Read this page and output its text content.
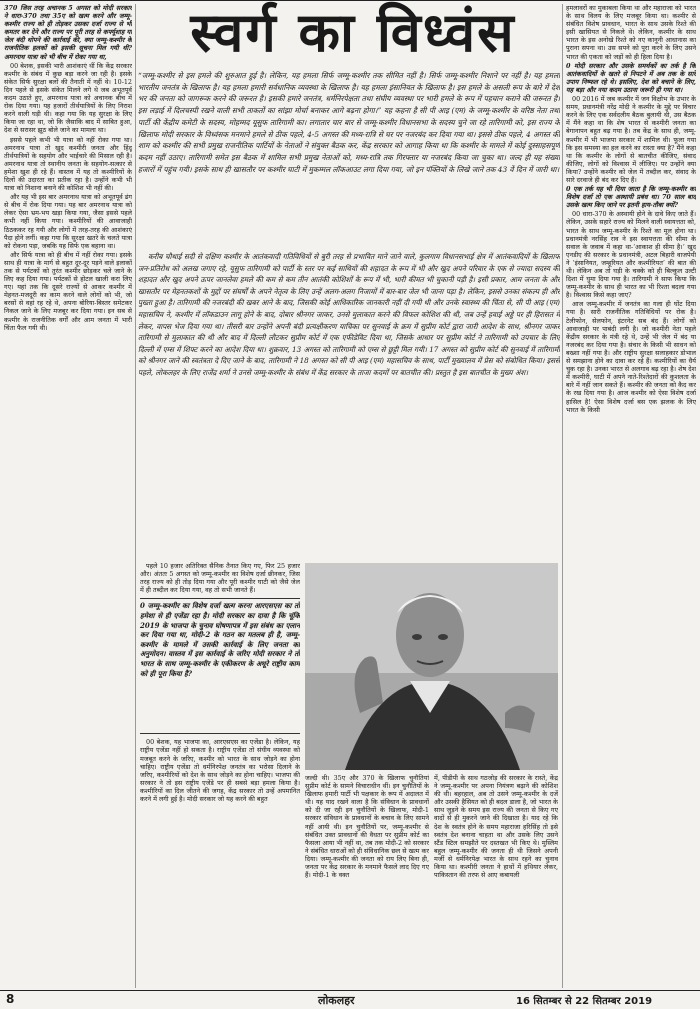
370 जिस तरह अचानक 5 अगस्त को मोदी सरकार ने धारा-370 तथा 35ए को खत्म करने और जम्मू-कश्मीर राज्य को ही तोड़कर उसका दर्जा राज्य से भी कमतर कर देने और राज्य पर पूरी तरह से कर्फ्यूशाह या जेल बंदी थोपने की कार्रवाई की, क्या जम्मू-कश्मीर के राजनीतिक हलकों को इसकी सूचना मिल गयी थी? अमरनाथ यात्रा को भी बीच में रोका गया था,

00 बेशक, इसकी भारी आशंकाएं थीं कि केंद्र सरकार कश्मीर के संबंध में कुछ बड़ा करने जा रही है। इसके संकेत सिर्फ सुरक्षा बलों की तैनाती में नहीं थे। 10-12 दिन पहले से इसके संकेत मिलने लगे थे जब अभूतपूर्व कदम उठाते हुए, अमरनाथ यात्रा को अचानक बीच में रोक दिया गया। यह हजारों तीर्थयात्रियों के लिए निराश करने वाली घड़ी थी। कहा गया कि यह सुरक्षा के लिए किया जा रहा था, जो कि जैसाकि बाद में साबित हुआ, देश से सरासर झूठ बोले जाने का मामला था।

इससे पहले कभी भी यात्रा को नहीं रोका गया था। अमरनाथ यात्रा तो खुद कश्मीरी जनता और हिंदू तीर्थयात्रियों के सहयोग और भाईचारे की मिसाल रही है। अमरनाथ यात्रा तो स्थानीय जनता के सहयोग-सत्कार से हमेशा खुश ही रहे हैं। वास्तव में यह तो कश्मीरियों के दिलों की उदारता का प्रतीक रहा है। उन्होंने कभी भी यात्रा को निशाना बनाने की कोशिश भी नहीं की।

और यह भी इस बार अमरनाथ यात्रा को अभूतपूर्व ढंग से बीच में रोक दिया गया। यह बार अमरनाथ यात्रा को लेकर ऐसा भ्रम-भय खड़ा किया गया, जैसा इससे पहले कभी नहीं किया गया। कश्मीरियों की आवाजाही ठिठककर रह गयी और लोगों में तरह-तरह की आशंकाएं पैदा होने लगीं। कहा गया कि सुरक्षा खतरे के चलते यात्रा को रोकना पड़ा, जबकि यह सिर्फ एक बहाना था।

और सिर्फ यात्रा को ही बीच में नहीं रोका गया। इसके साथ ही यात्रा के मार्ग से बहुत दूर-दूर पड़ने वाले इलाकों तक से पर्यटकों को तुरंत कश्मीर छोड़कर चले जाने के लिए कह दिया गया। पर्यटकों से होटल खाली करा लिए गए। यहां तक कि दूसरे राज्यों से आकर कश्मीर में मेहनत-मजदूरी का काम करने वाले लोगों को भी, जो बरसों से वहां रह रहे थे, अपना बोरिया-बिस्तर समेटकर निकल जाने के लिए मजबूर कर दिया गया। इन सब से कश्मीर के राजनीतिक वर्गों और आम जनता में भारी चिंता फैल गयी थी।

स्वर्ग का विध्वंस
“जम्मू-कश्मीर से इस हमले की शुरुआत हुई है। लेकिन, यह हमला सिर्फ जम्मू-कश्मीर तक सीमित नहीं है। सिर्फ जम्मू-कश्मीर निशाने पर नहीं है। यह हमला भारतीय जनतंत्र के खिलाफ है। यह हमला हमारी सर्वधानिक व्यवस्था के खिलाफ है। यह हमला इंसानियत के खिलाफ है। इस हमले के असली रूप के बारे में देश भर की जनता को जागरूक करने की जरूरत है। इसकी हमारे जनतंत्र, धर्मनिरपेक्षता तथा संघीय व्यवस्था पर भारी हमले के रूप में पहचान कराने की जरूरत है। इस लड़ाई में दिलचस्पी रखने वाली सभी ताकतों का सांझा मोर्चा बनाकर आगे बढ़ना होगा।” यह कहना है सी पी आइ (एम) के जम्मू-कश्मीर के वरिष्ठ नेता तथा पार्टी की केंद्रीय कमेटी के सदस्य, मोहम्मद यूसुफ तारिगामी का। लगातार चार बार से जम्मू-कश्मीर विधानसभा के सदस्य चुने जा रहे तारिगामी को, इस राज्य के खिलाफ मोदी सरकार के विध्वंसक मनमाने हमले से ठीक पहले, 4-5 अगस्त की मध्य-रात्रि से घर पर नजरबंद कर दिया गया था। इससे ठीक पहले, 4 अगस्त की शाम को कश्मीर की सभी प्रमुख राजनीतिक पार्टियों के नेताओं ने संयुक्त बैठक कर, केंद्र सरकार को आगाह किया था कि कश्मीर के मामले में कोई दुस्साहसपूर्ण कदम नहीं उठाए। तारिगामी समेत इस बैठक में शामिल सभी प्रमुख नेताओं को, मध्य-रात्रि तक गिरफ्तार या नजरबंद किया जा चुका था। जल्द ही यह संख्या हजारों में पहुंच गयी। इसके साथ ही खासतौर पर कश्मीर घाटी में मुकम्मल लॉकआउट लगा दिया गया, जो इन पंक्तियों के लिखे जाने तक 43 वें दिन में जारी था।

करीब चौथाई सदी से दक्षिण कश्मीर के आतंकवादी गतिविधियों से बुरी तरह से प्रभावित माने जाने वाले, कुलगाम विधानसभाई क्षेत्र में आतंकवादियों के खिलाफ जन-प्रतिरोध को अलख जगाए रहे, यूसुफ तारिगामी को पार्टी के स्तर पर कई साथियों की शहादत के रूप में भी और खुद अपने परिवार के एक से ज्यादा सदस्य की शहादत और खुद अपने ऊपर जानलेवा हमले की कम से कम तीन आतंकी कोशिशों के रूप में भी, भारी कीमत भी चुकानी पड़ी है। इसी प्रकार, आम जनता के और खासतौर पर मेहनतकशों के मुद्दों पर संघर्षों के अपने नेतृत्व के लिए उन्हें अलग-अलग निजामों में बार-बार जेल भी जाना पड़ा है। लेकिन, इससे उनका संकल्प ही और पुख्ता हुआ है। तारिगामी की नजरबंदी की खबर आने के बाद, जिसकी कोई आधिकारिक जानकारी नहीं दी गयी थी और उनके स्वास्थ्य की चिंता से, सी पी आइ (एम) महासचिव ने, कश्मीर में लॉकडाउन लागू होने के बाद, दोबार श्रीनगर जाकर, उनसे मुलाकात करने की विफल कोशिश की थी, जब उन्हें हवाई अड्डे पर ही हिरासत में लेकर, वापस भेज दिया गया था। तीसरी बार उन्होंने अपनी बंदी प्रत्यक्षीकरण याचिका पर सुनवाई के क्रम में सुप्रीम कोर्ट द्वारा जारी आदेश के साथ, श्रीनगर जाकर तारिगामी से मुलाकात की थी और बाद में दिल्ली लौटकर सुप्रीम कोर्ट में एक एफीडेविट दिया था, जिसके आधार पर सुप्रीम कोर्ट ने तारिगामी को उपचार के लिए दिल्ली में एम्स में शिफ्ट करने का आदेश दिया था। शुक्रवार, 13 अगस्त को तारिगामी को एम्स से छुट्टी मिल गयी। 17 अगस्त को सुप्रीम कोर्ट की सुनवाई में तारिगामी को श्रीनगर जाने की स्वतंत्रता दे दिए जाने के बाद, तारिगामी ने 18 अगस्त को सी पी आइ (एम) महासचिव के साथ, पार्टी मुख्यालय में प्रेस को संबोधित किया। इससे पहले, लोकलहर के लिए राजेंद्र शर्मा ने उनसे जम्मू-कश्मीर के संबंध में केंद्र सरकार के ताजा कदमों पर बातचीत की। प्रस्तुत है इस बातचीत के मुख्य अंश।

पहले 10 हजार अतिरिक्त सैनिक तैनात किए गए, फिर 25 हजार और। अंततः 5 अगस्त को जम्मू-कश्मीर का विशेष दर्जा छीनकर, जिस तरह राज्य को ही तोड़ दिया गया और पूरी कश्मीर घाटी को जैसे जेल में ही तब्दील कर दिया गया, वह तो सभी जानते हैं।

0 जम्मू-कश्मीर का विशेष दर्जा खत्म करना आरएसएस का तो हमेशा से ही एजेंडा रहा है। मोदी सरकार का दावा है कि चूंकि 2019 के भाजपा के चुनाव घोषणापत्र में इस संबंध का एलान कर दिया गया था, मोदी-2 के गठन का मतलब ही है, जम्मू-कश्मीर के मामले में उसकी कार्रवाई के लिए जनता का अनुमोदन। वास्तव में इस कार्रवाई के जरिए मोदी सरकार ने तो भारत के साथ जम्मू-कश्मीर के एकीकरण के अधूरे राष्ट्रीय काम को ही पूरा किया है?

00 बेशक, यह भाजपा का, आरएसएस का एजेंडा है। लेकिन, यह राष्ट्रीय एजेंडा नहीं हो सकता है। राष्ट्रीय एजेंडा तो संघीय व्यवस्था को मजबूत करने के जरिए, कश्मीर को भारत के साथ जोड़ने का होना चाहिए। राष्ट्रीय एजेंडा तो धर्मनिरपेक्ष जनतंत्र का भरोसा दिलाने के जरिए, कश्मीरियों को देश के साथ जोड़ने का होना चाहिए। भाजपा की सरकार ने तो इस राष्ट्रीय एजेंडे पर ही सबसे बड़ा हमला किया है। कश्मीरियों का दिल जीतने की जगह, केंद्र सरकार तो उन्हें अपमानित करने में लगी हुई है। मोदी सरकार जो यह करने की बहुत

जल्दी थी। 35ए और 370 के खिलाफ चुनौतियां सुप्रीम कोर्ट के सामने विचाराधीन थीं। इन चुनौतियों के खिलाफ हमारी पार्टी भी पक्षकार के रूप में अदालत में थी। यह याद रखने वाला है कि संविधान के प्रावधानों को दी जा रही इन चुनौतियों के खिलाफ, मोदी-1 सरकार संविधान के प्रावधानों के बचाव के लिए सामने नहीं आयी थी। इन चुनौतियों पर, जम्मू-कश्मीर से संबंधित उक्त प्रावधानों की वैधता पर सुप्रीम कोर्ट का फैसला आया भी नहीं था, तब तक मोदी-2 को सरकार ने संबंधित धाराओं को ही संविधानिक छल से खत्म कर दिया। जम्मू-कश्मीर की जनता को राय लिए बिना ही, जनता पर केंद्र सरकार के मनमाने फैसले लाद दिए गए हैं। मोदी-1 के वक्त

में, पीडीपी के साथ गठजोड़ की सरकार के रास्ते, केंद्र ने जम्मू-कश्मीर पर अपना नियंत्रण बढ़ाने की कोशिश की थी। बहरहाल, अब तो उसने जम्मू-कश्मीर के दर्जे और उसकी हैसियत को ही बदल डाला है, जो भारत के साथ जुड़ने के समय इस राज्य की जनता से किए गए वादों से ही मुकरने जाने की दिखाता है। याद रहे कि देश के स्वतंत्र होने के समय महाराजा हरिसिंह तो इसे स्वतंत्र देश बनाना चाहता था और उसके लिए उसने स्टैंड स्टिल समझौते पर दस्तखत भी किए थे। मुस्लिम बहुल जम्मू-कश्मीर की जनता ही थी जिसने अपनी मर्जी से धर्मनिरपेक्ष भारत के साथ रहने का चुनाव किया था। कश्मीरी जनता ने हाथों में हथियार लेकर, पाकिस्तान की तरफ से आए कबायली

हमलावरों का मुकाबला किया था और महाराजा को भारत के साथ विलय के लिए मजबूर किया था। कश्मीर से संबंधित विशेष प्रावधान, भारत के साथ उसके रिश्ते की इसी खासियत से निकले थे। लेकिन, कश्मीर के साथ भारत के इस अनोखे रिश्ते को नए कानूनी आधानास का पुराना सपना था। उस सपने को पूरा करने के लिए उसने भारत की एकता को जड़ों को ही हिला दिया है।

0 मोदी सरकार और उसके समर्थकों का तर्क है कि आतंकवादियों के खतरे से निपटने में अब तक के सारे उपाय निष्फल रहे थे। इसलिए, देश को बचाने के लिए, यह बड़ा और नया कदम उठाना जरूरी ही गया था।

00 2016 में जब कश्मीर में जन विक्षोभ के उभार के समय, प्रधानमंत्री नरेंद्र मोदी ने कश्मीर के मुद्दे पर विचार करने के लिए एक सर्वदलीय बैठक बुलायी थी, उस बैठक में मैंने कहा था कि शेष भारत से कश्मीरी जनता का बेगानापन बहुत बढ़ गया है। तब केंद्र के साथ ही, जम्मू-कश्मीर में भी भाजपा सरकार में शामिल थी। फूला गया कि इस समस्या का हल करने का रास्ता क्या है? मैंने कहा था कि कश्मीर के लोगों से बातचीत कीजिए, संवाद कीजिए, लोगों को विश्वास में लीजिए। पर उन्होंने क्या किया? उन्होंने कश्मीर को जेल में तब्दील कर, संवाद के सारे दरवाजे ही बंद कर दिए हैं।

0 एक तर्क यह भी दिया जाता है कि जम्मू-कश्मीर का विशेष दर्जा तो एक अस्थायी प्रबंध था। 70 साल बाद उसके खत्म किए जाने पर इतनी हाय-तौबा क्यों?

00 धारा-370 के अस्थायी होने के दावे किए जाते हैं। लेकिन, उसके सहारे राज्य को मिलने वाली स्वायत्तता को, भारत के साथ जम्मू-कश्मीर के रिश्ते का मूल होना था। प्रधानमंत्री नरसिंह राव ने इस स्वायत्तता की सीमा के सवाल के जवाब में कहा था-‘आकाश ही सीमा है।’ खुद एनडीए की सरकार के प्रधानमंत्री, अटल बिहारी वाजपेयी ने ‘इंसानियत, जम्हूरियत और कश्मीरियत’ की बात की थी। लेकिन अब तो घड़ी के चक्के को ही बिल्कुल उल्टी दिशा में घुमा दिया गया है। तारिगामी ने साफ किया कि जम्मू-कश्मीर के साथ ही भारत का भी रिश्ता बदला गया है। विश्वास किसे कहा जाए?

आज जम्मू-कश्मीर में जनतंत्र का गला ही घोंट दिया गया है। सारी राजनीतिक गतिविधियों पर रोक है। टेलीफोन, सेलफोन, इंटरनेट सब बंद हैं। लोगों को आवाजाही पर पाबंदी लगी है। जो कश्मीरी नेता पहले केंद्रीय सरकार के मंत्री रहे थे, उन्हें भी जेल में बंद या नजरबंद कर दिया गया है। संचार के किसी भी साधन को बख्शा नहीं गया है। और राष्ट्रीय सुरक्षा सलाहकार डोभाल से समझाना होने का दावा कर रहे हैं। कश्मीरियों का धैर्य चुक रहा है। उनका भारत से अलगाव बढ़ रहा है। शेष देश में कश्मीरी, घाटी में अपने नाते-रिश्तेदारों की कुशलता के बारे में नहीं जान सकते हैं। कश्मीर की जनता को कैद कर के रख दिया गया है। आज कश्मीर को ऐसा विशेष दर्जा हासिल है! ऐसा विशेष दर्जा बस एक झलक के लिए भारत के किसी

8	लोकलहर	16 सितम्बर से 22 सितम्बर 2019
